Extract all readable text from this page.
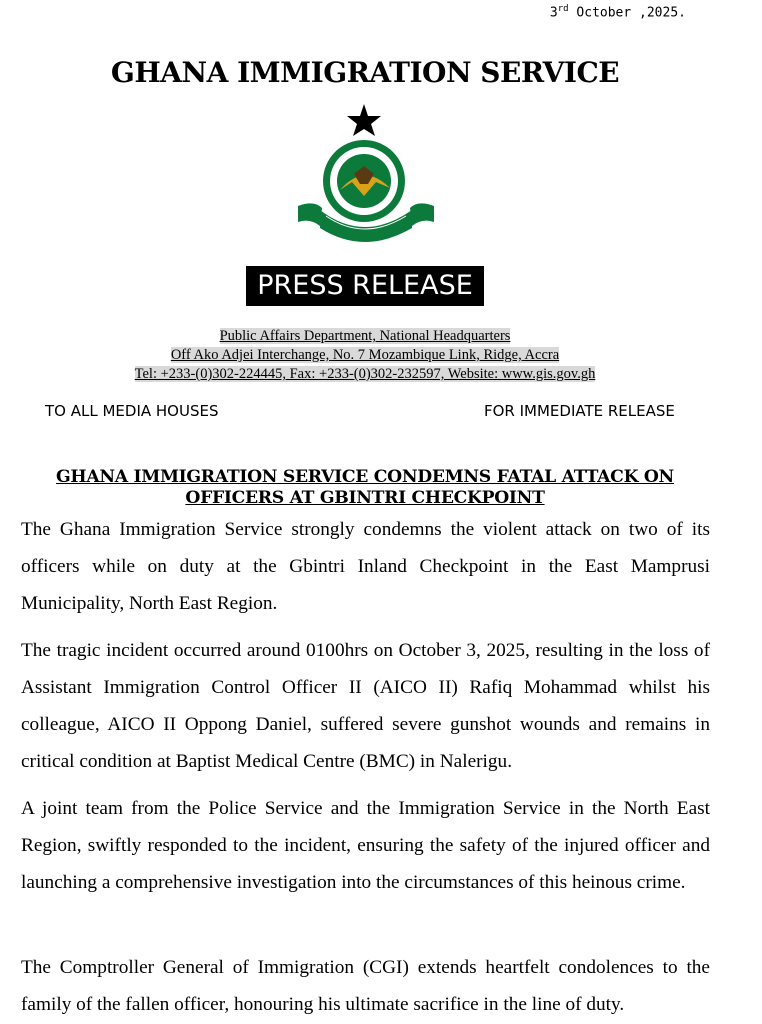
3rd October ,2025.
GHANA IMMIGRATION SERVICE
PRESS RELEASE
Public Affairs Department, National Headquarters
Off Ako Adjei Interchange, No. 7 Mozambique Link, Ridge, Accra
Tel: +233-(0)302-224445, Fax: +233-(0)302-232597, Website: www.gis.gov.gh
TO ALL MEDIA HOUSES	FOR IMMEDIATE RELEASE
GHANA IMMIGRATION SERVICE CONDEMNS FATAL ATTACK ON
OFFICERS AT GBINTRI CHECKPOINT
The Ghana Immigration Service strongly condemns the violent attack on two of its officers while on duty at the Gbintri Inland Checkpoint in the East Mamprusi Municipality, North East Region.
The tragic incident occurred around 0100hrs on October 3, 2025, resulting in the loss of Assistant Immigration Control Officer II (AICO II) Rafiq Mohammad whilst his colleague, AICO II Oppong Daniel, suffered severe gunshot wounds and remains in critical condition at Baptist Medical Centre (BMC) in Nalerigu.
A joint team from the Police Service and the Immigration Service in the North East Region, swiftly responded to the incident, ensuring the safety of the injured officer and launching a comprehensive investigation into the circumstances of this heinous crime.
The Comptroller General of Immigration (CGI) extends heartfelt condolences to the family of the fallen officer, honouring his ultimate sacrifice in the line of duty.
